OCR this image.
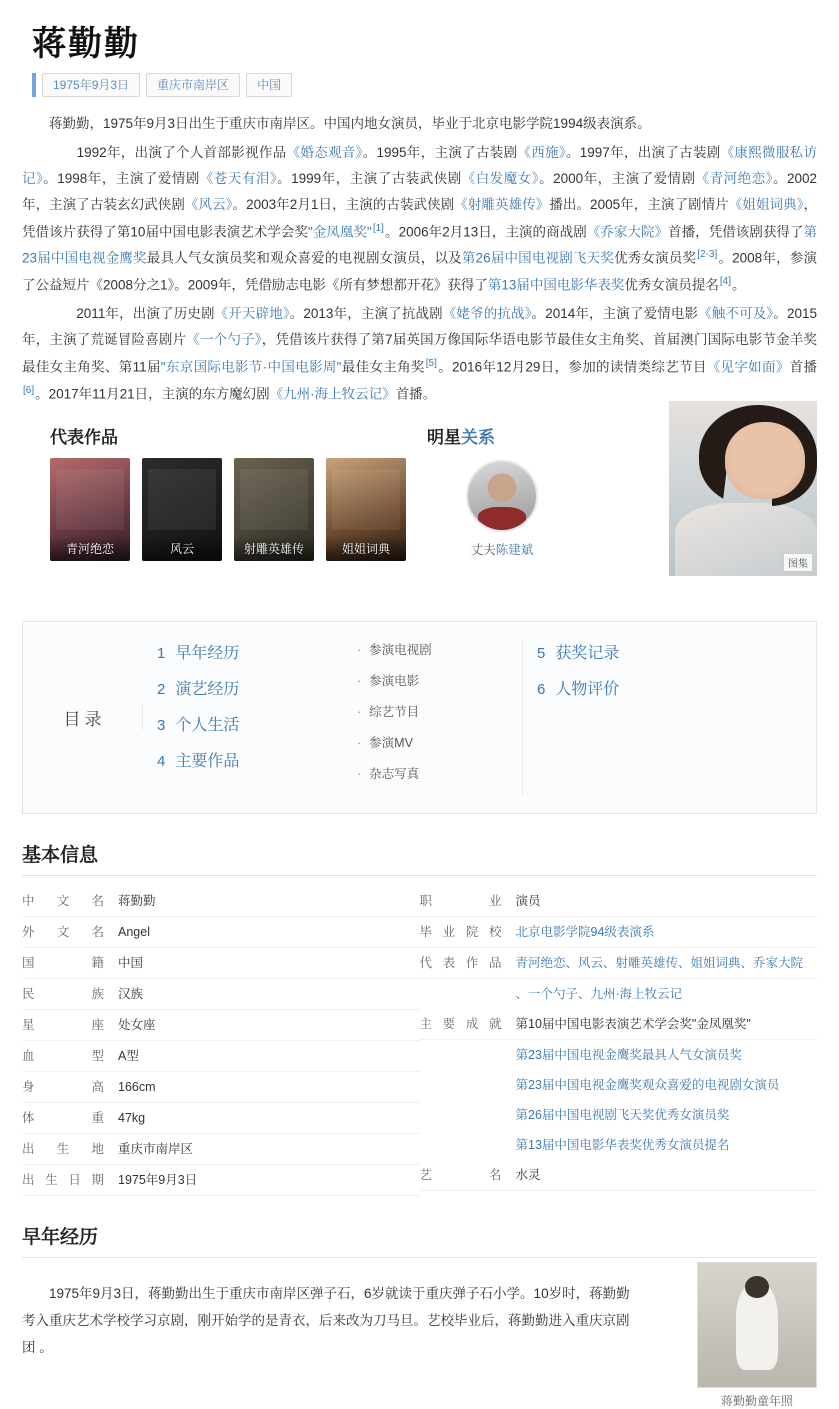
蒋勤勤
1975年9月3日	重庆市南岸区	中国

蒋勤勤，1975年9月3日出生于重庆市南岸区。中国内地女演员，毕业于北京电影学院1994级表演系。

　　1992年，出演了个人首部影视作品《婚态观音》。1995年，主演了古装剧《西施》。1997年，出演了古装剧《康熙微服私访记》。1998年，主演了爱情剧《苍天有泪》。1999年，主演了古装武侠剧《白发魔女》。2000年，主演了爱情剧《青河绝恋》。2002年，主演了古装玄幻武侠剧《风云》。2003年2月1日，主演的古装武侠剧《射雕英雄传》播出。2005年，主演了剧情片《姐姐词典》，凭借该片获得了第10届中国电影表演艺术学会奖"金凤凰奖"[1]。2006年2月13日，主演的商战剧《乔家大院》首播，凭借该剧获得了第23届中国电视金鹰奖最具人气女演员奖和观众喜爱的电视剧女演员，以及第26届中国电视剧飞天奖优秀女演员奖[2-3]。2008年，参演了公益短片《2008分之1》。2009年，凭借励志电影《所有梦想都开花》获得了第13届中国电影华表奖优秀女演员提名[4]。

　　2011年，出演了历史剧《开天辟地》。2013年，主演了抗战剧《姥爷的抗战》。2014年，主演了爱情电影《触不可及》。2015年，主演了荒诞冒险喜剧片《一个勺子》，凭借该片获得了第7届英国万像国际华语电影节最佳女主角奖、首届澳门国际电影节金羊奖最佳女主角奖、第11届"东京国际电影节·中国电影周"最佳女主角奖[5]。2016年12月29日，参加的读情类综艺节目《见字如面》首播[6]。2017年11月21日，主演的东方魔幻剧《九州·海上牧云记》首播。

代表作品
青河绝恋	风云	射雕英雄传	姐姐词典
明星关系
丈夫陈建斌
图集
目录
1 早年经历
2 演艺经历
3 个人生活
4 主要作品
· 参演电视剧
· 参演电影
· 综艺节目
· 参演MV
· 杂志写真
5 获奖记录
6 人物评价
基本信息
中文名	蒋勤勤
外文名	Angel
国籍	中国
民族	汉族
星座	处女座
血型	A型
身高	166cm
体重	47kg
出生地	重庆市南岸区
出生日期	1975年9月3日
职业	演员
毕业院校	北京电影学院94级表演系
代表作品	青河绝恋、风云、射雕英雄传、姐姐词典、乔家大院
、一个勺子、九州·海上牧云记
主要成就	第10届中国电影表演艺术学会奖"金凤凰奖"
第23届中国电视金鹰奖最具人气女演员奖
第23届中国电视金鹰奖观众喜爱的电视剧女演员
第26届中国电视剧飞天奖优秀女演员奖
第13届中国电影华表奖优秀女演员提名
艺名	水灵
早年经历

1975年9月3日，蒋勤勤出生于重庆市南岸区弹子石，6岁就读于重庆弹子石小学。10岁时，蒋勤勤考入重庆艺术学校学习京剧，刚开始学的是青衣，后来改为刀马旦。艺校毕业后，蒋勤勤进入重庆京剧团 。

蒋勤勤童年照
